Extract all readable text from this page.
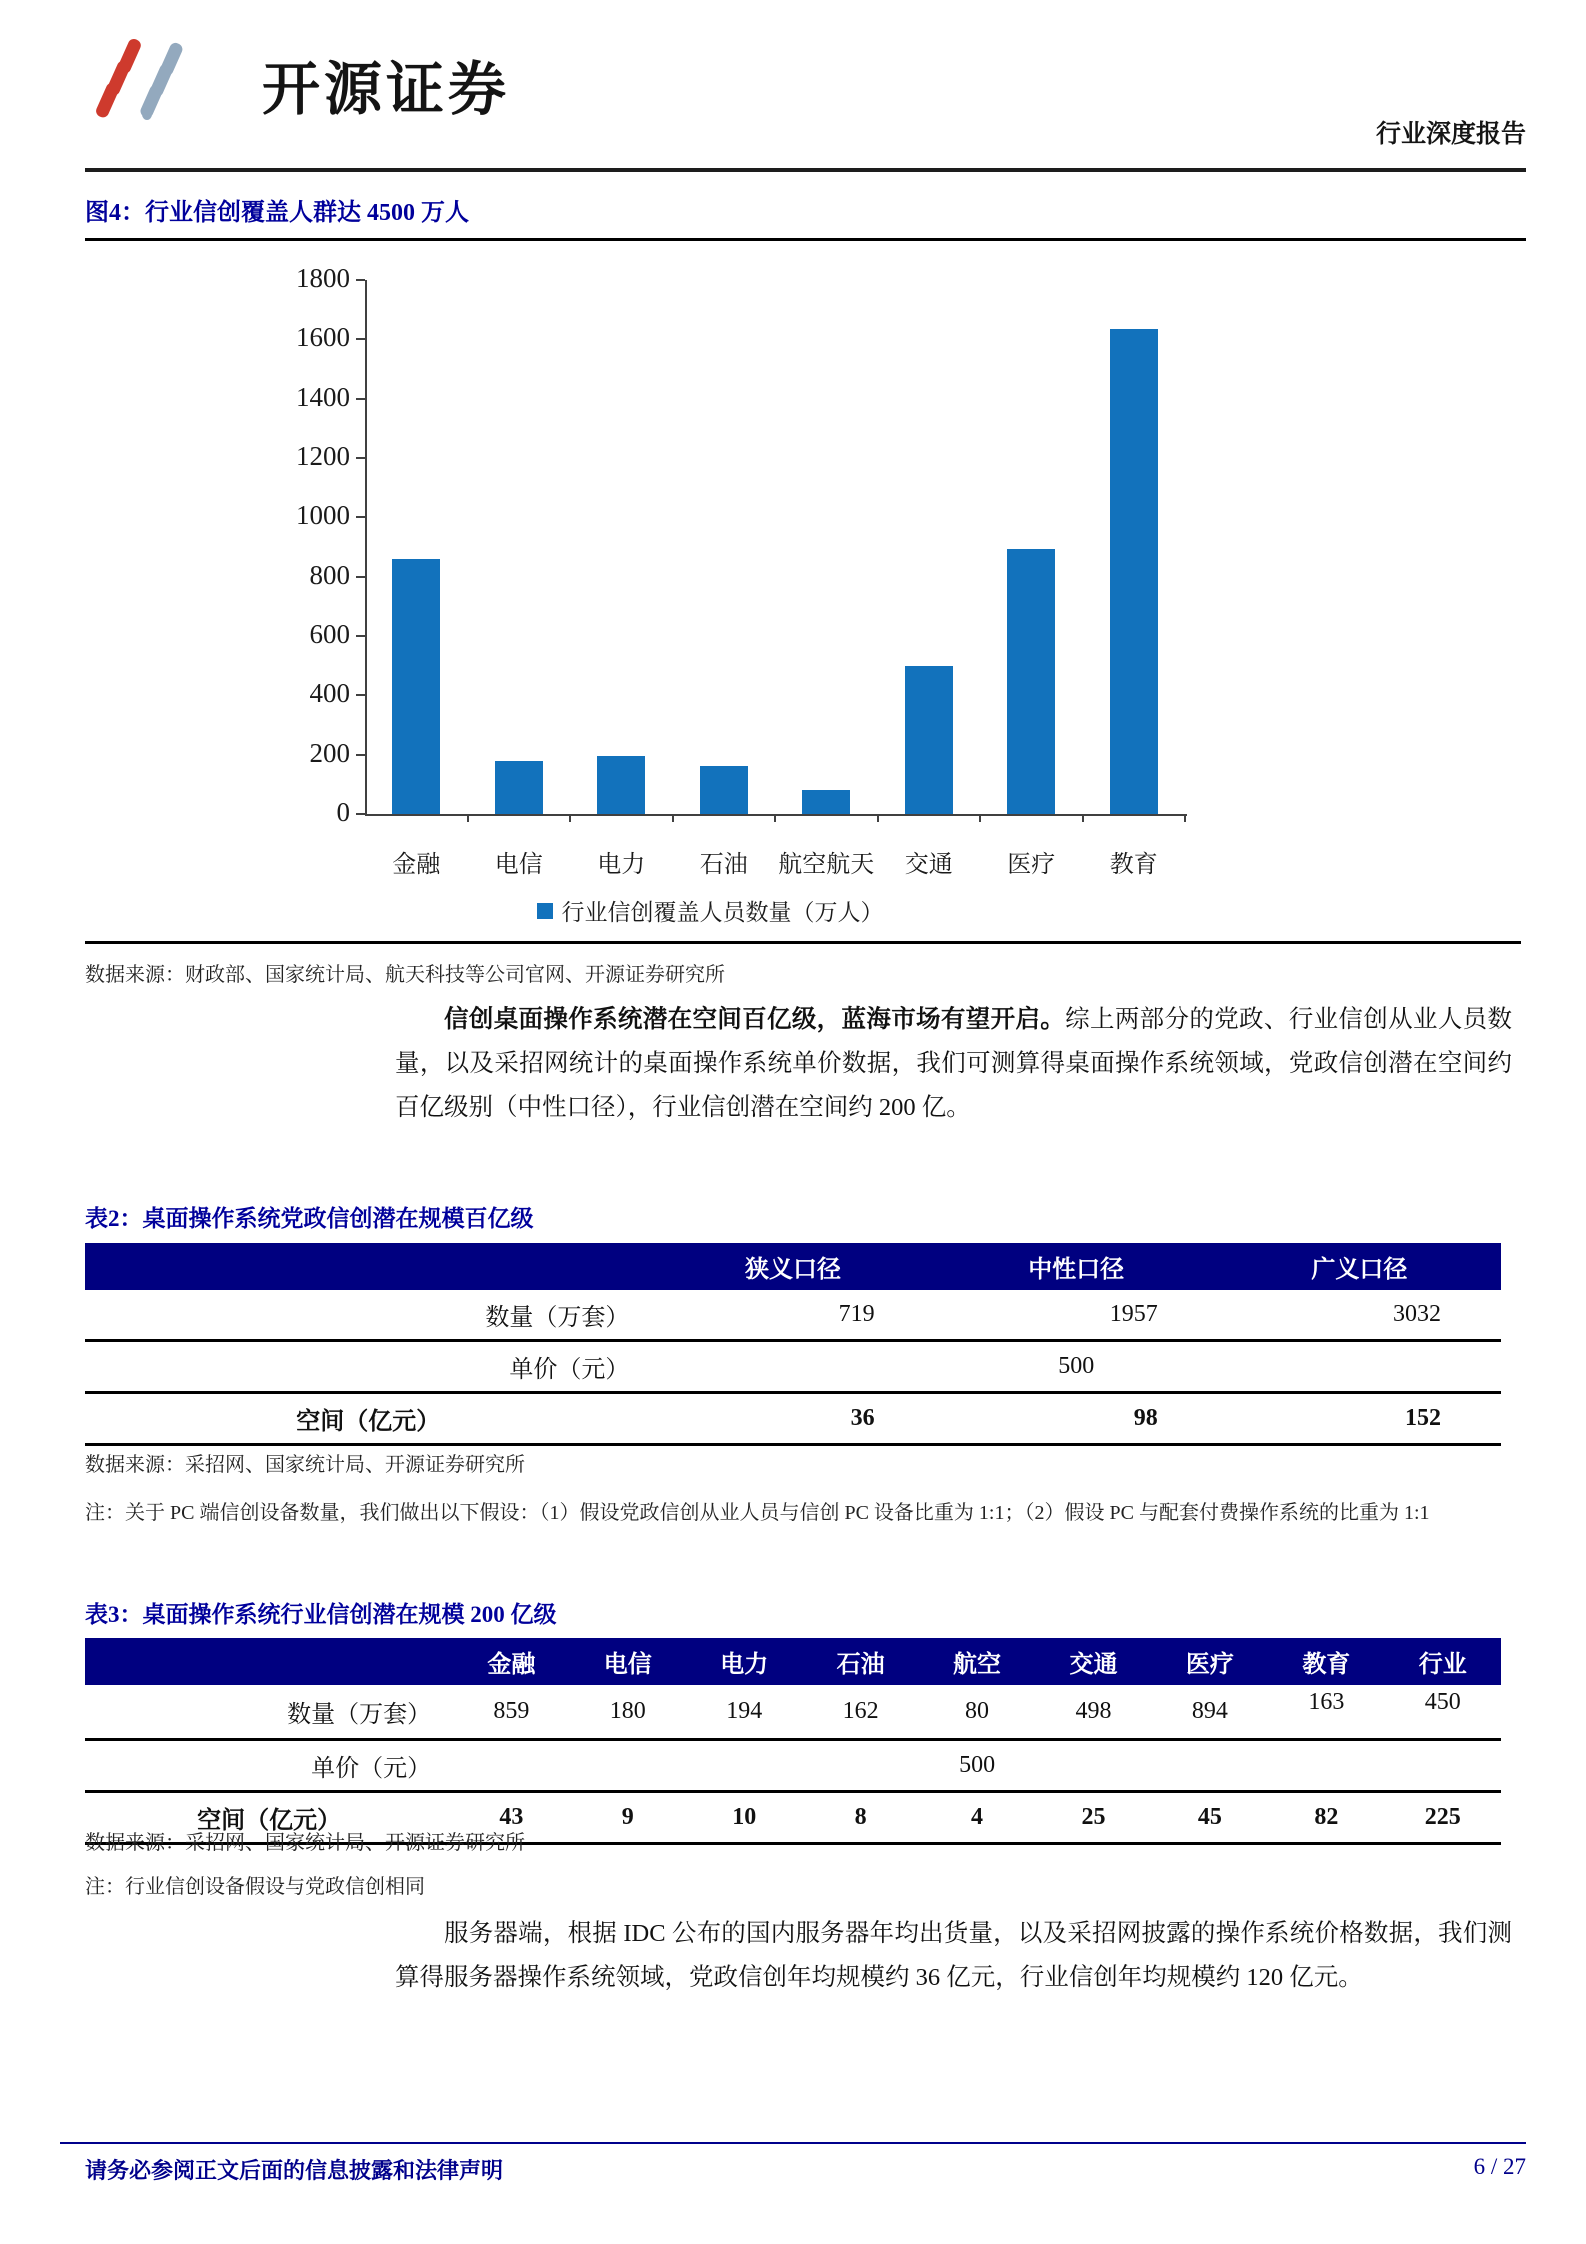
开源证券
行业深度报告
图4：行业信创覆盖人群达 4500 万人
行业信创覆盖人员数量（万人）
0
200
400
600
800
1000
1200
1400
1600
1800
金融	电信	电力	石油	航空航天	交通	医疗	教育
数据来源：财政部、国家统计局、航天科技等公司官网、开源证券研究所

信创桌面操作系统潜在空间百亿级，蓝海市场有望开启。综上两部分的党政、行业信创从业人员数量，以及采招网统计的桌面操作系统单价数据，我们可测算得桌面操作系统领域，党政信创潜在空间约百亿级别（中性口径），行业信创潜在空间约 200 亿。

表2：桌面操作系统党政信创潜在规模百亿级
	狭义口径	中性口径	广义口径
数量（万套）	719	1957	3032
单价（元）	500		
空间（亿元）	36	98	152
数据来源：采招网、国家统计局、开源证券研究所
注：关于 PC 端信创设备数量，我们做出以下假设：（1）假设党政信创从业人员与信创 PC 设备比重为 1:1；（2）假设 PC 与配套付费操作系统的比重为 1:1
表3：桌面操作系统行业信创潜在规模 200 亿级
	金融	电信	电力	石油	航空	交通	医疗	教育	行业
数量（万套）	859	180	194	162	80	498	894	163	450
单价（元）	500								
空间（亿元）	43	9	10	8	4	25	45	82	225
数据来源：采招网、国家统计局、开源证券研究所
注：行业信创设备假设与党政信创相同

服务器端，根据 IDC 公布的国内服务器年均出货量，以及采招网披露的操作系统价格数据，我们测算得服务器操作系统领域，党政信创年均规模约 36 亿元，行业信创年均规模约 120 亿元。

请务必参阅正文后面的信息披露和法律声明	6 / 27
